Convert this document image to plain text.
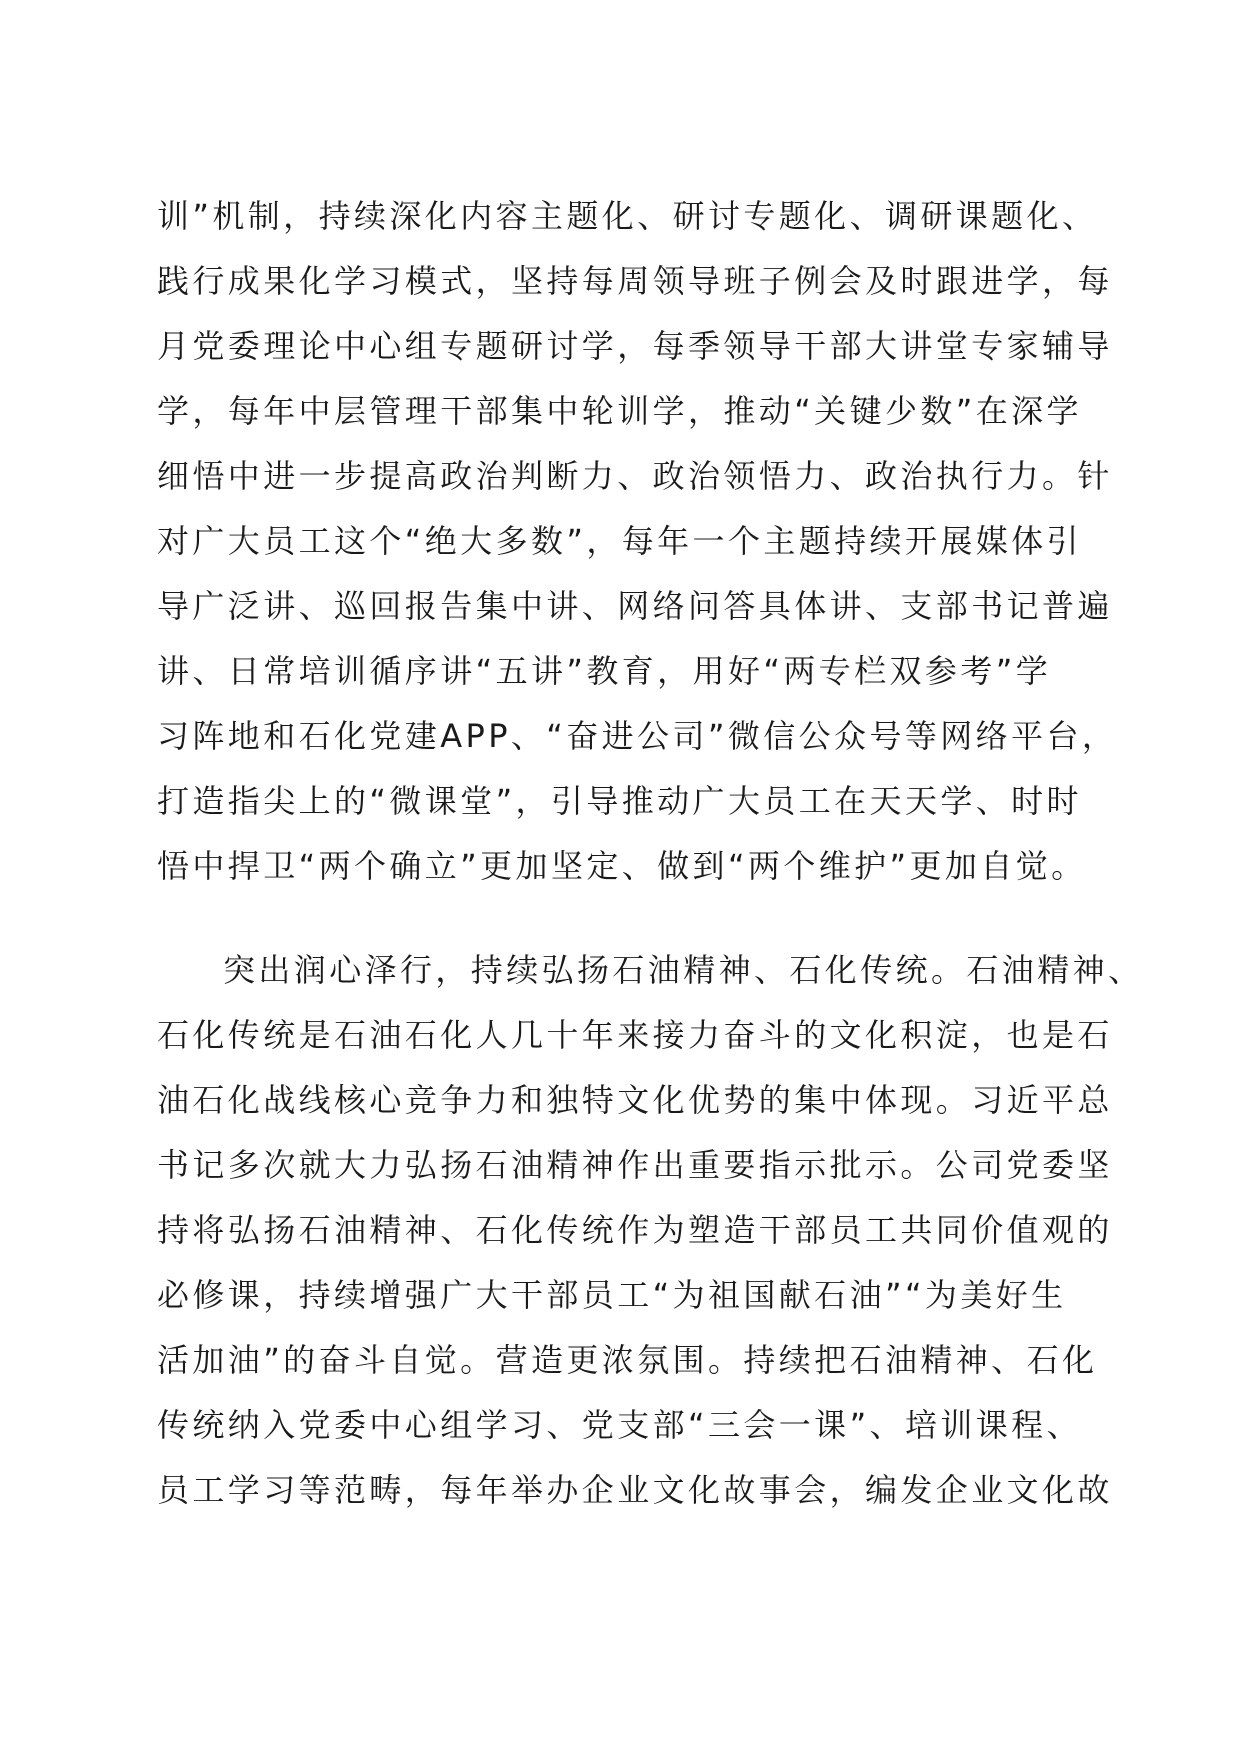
训”机制，持续深化内容主题化、研讨专题化、调研课题化、
践行成果化学习模式，坚持每周领导班子例会及时跟进学，每
月党委理论中心组专题研讨学，每季领导干部大讲堂专家辅导
学，每年中层管理干部集中轮训学，推动“关键少数”在深学
细悟中进一步提高政治判断力、政治领悟力、政治执行力。针
对广大员工这个“绝大多数”，每年一个主题持续开展媒体引
导广泛讲、巡回报告集中讲、网络问答具体讲、支部书记普遍
讲、日常培训循序讲“五讲”教育，用好“两专栏双参考”学
习阵地和石化党建APP、“奋进公司”微信公众号等网络平台，
打造指尖上的“微课堂”，引导推动广大员工在天天学、时时
悟中捍卫“两个确立”更加坚定、做到“两个维护”更加自觉。
突出润心泽行，持续弘扬石油精神、石化传统。石油精神、
石化传统是石油石化人几十年来接力奋斗的文化积淀，也是石
油石化战线核心竞争力和独特文化优势的集中体现。习近平总
书记多次就大力弘扬石油精神作出重要指示批示。公司党委坚
持将弘扬石油精神、石化传统作为塑造干部员工共同价值观的
必修课，持续增强广大干部员工“为祖国献石油”“为美好生
活加油”的奋斗自觉。营造更浓氛围。持续把石油精神、石化
传统纳入党委中心组学习、党支部“三会一课”、培训课程、
员工学习等范畴，每年举办企业文化故事会，编发企业文化故
